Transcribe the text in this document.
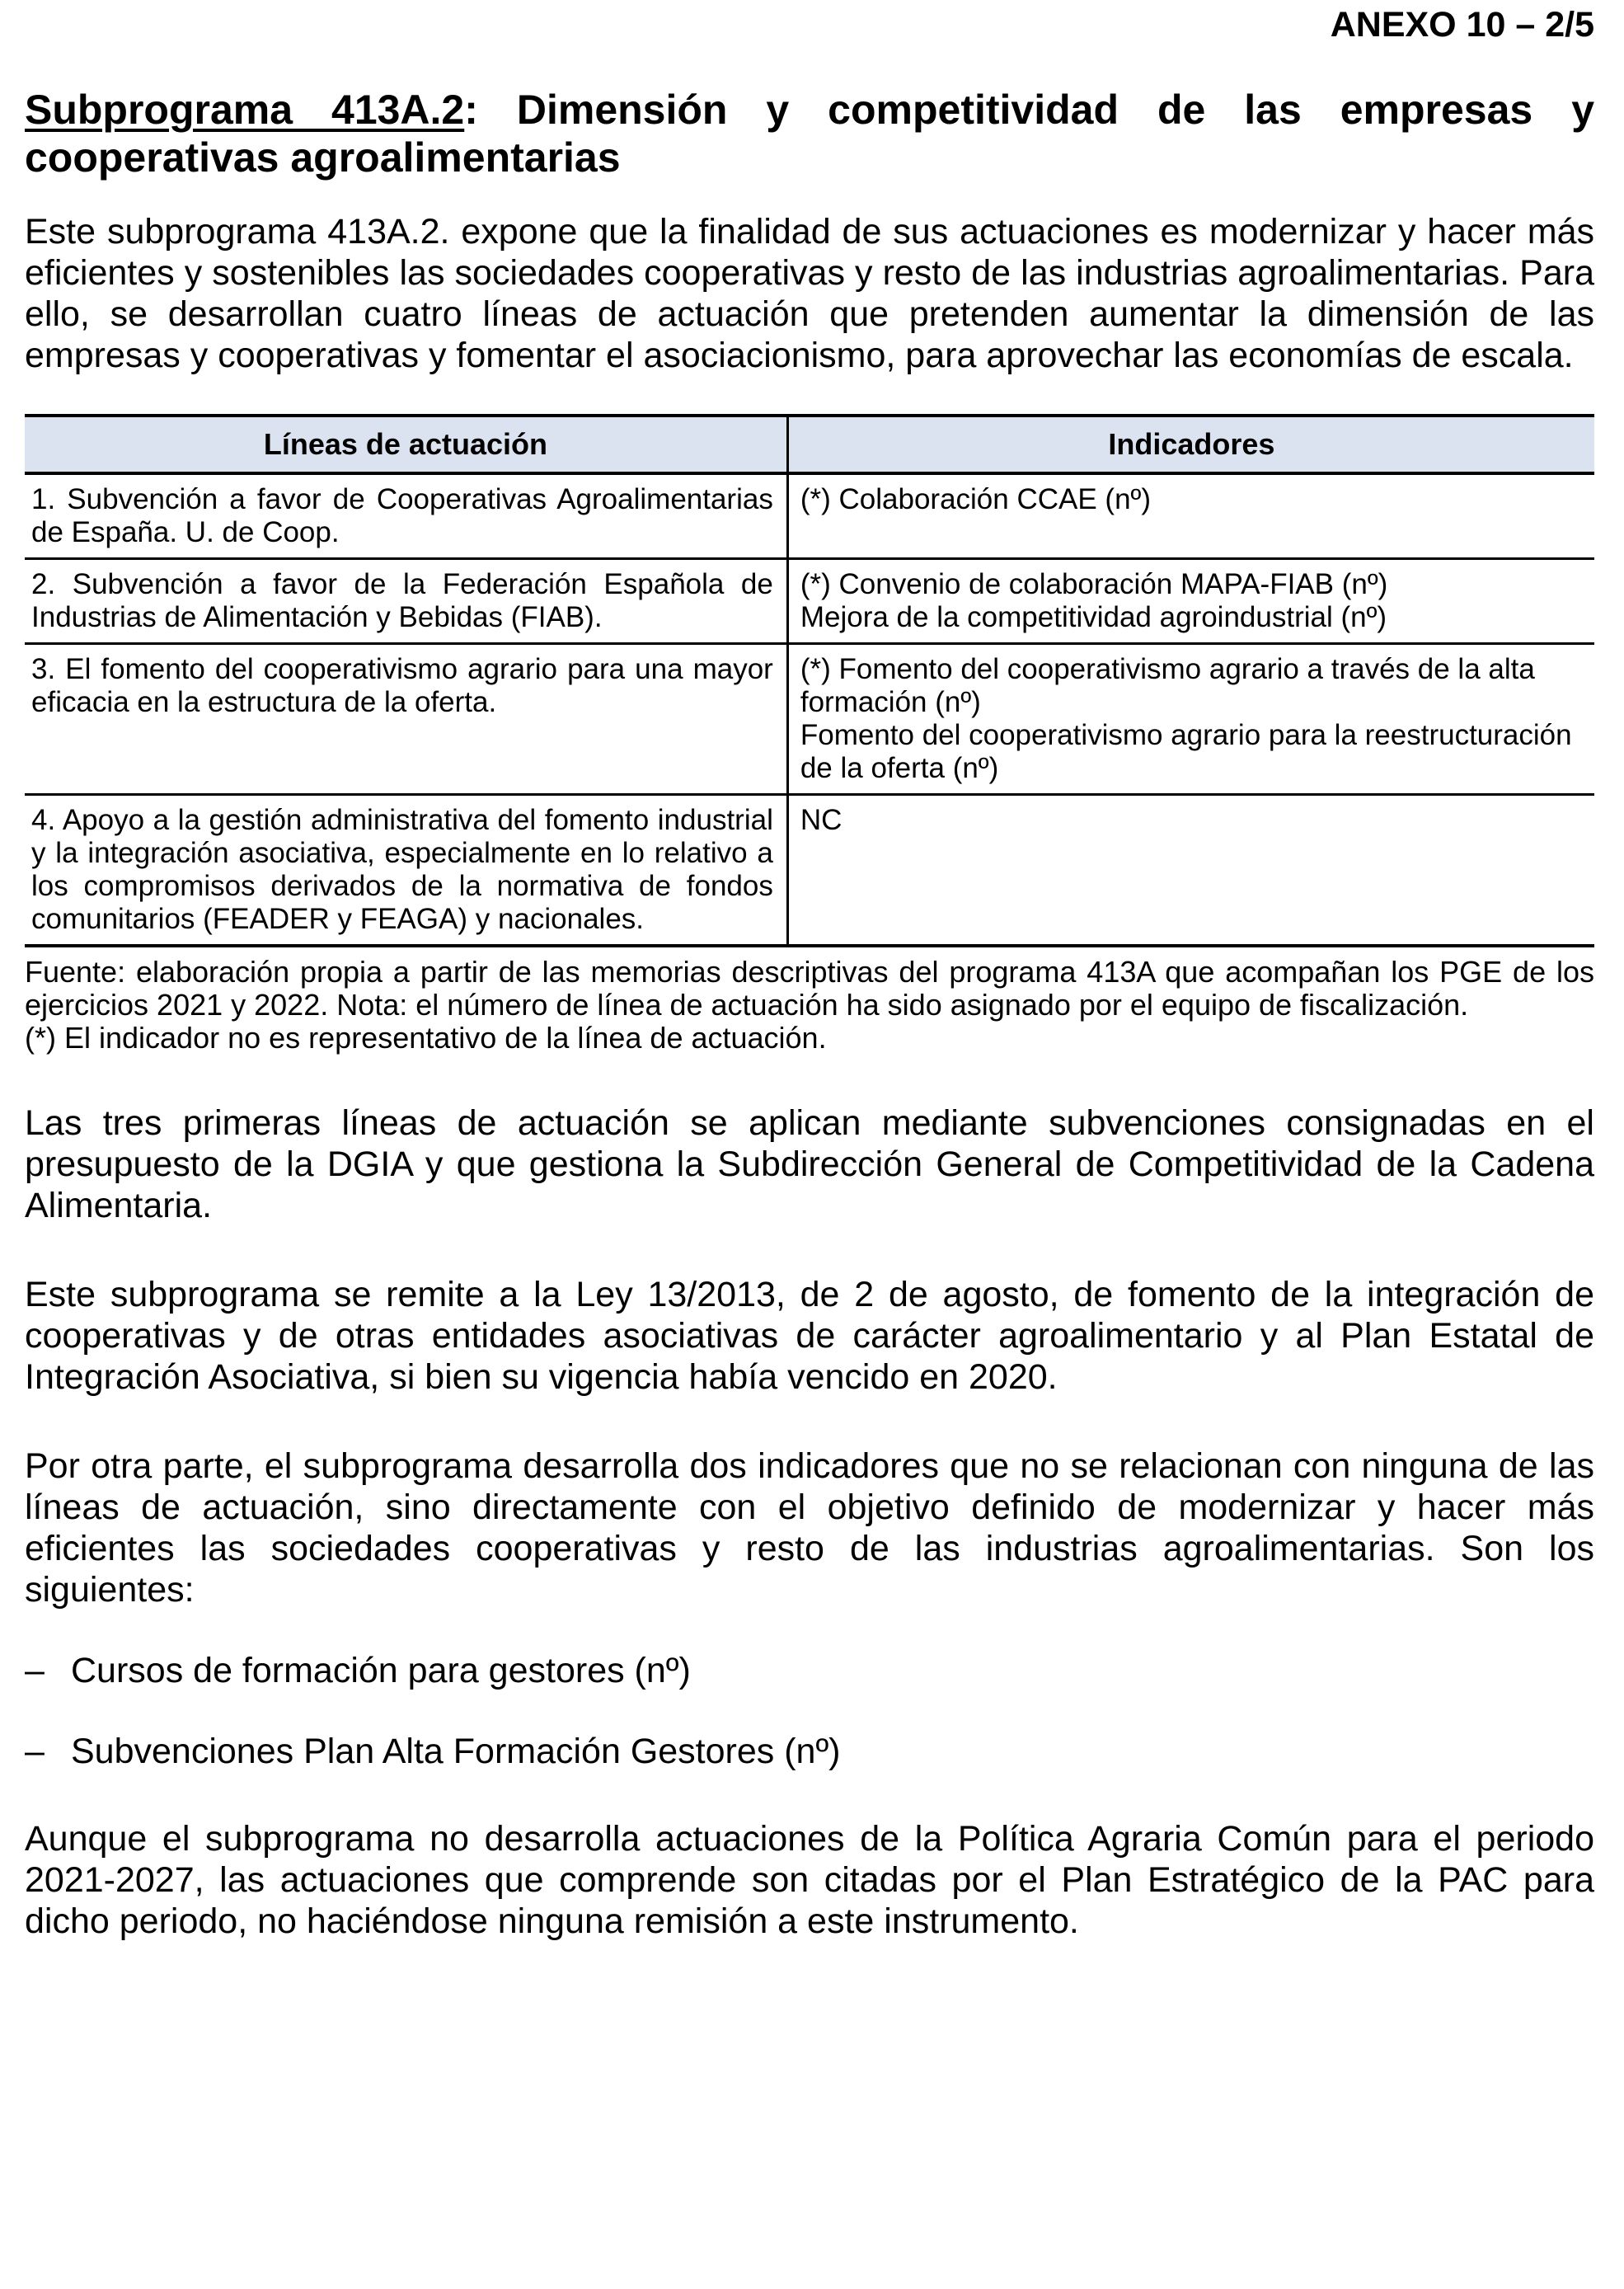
ANEXO 10 – 2/5
Subprograma 413A.2: Dimensión y competitividad de las empresas y cooperativas agroalimentarias

Este subprograma 413A.2. expone que la finalidad de sus actuaciones es modernizar y hacer más eficientes y sostenibles las sociedades cooperativas y resto de las industrias agroalimentarias. Para ello, se desarrollan cuatro líneas de actuación que pretenden aumentar la dimensión de las empresas y cooperativas y fomentar el asociacionismo, para aprovechar las economías de escala.

Líneas de actuación	Indicadores
1. Subvención a favor de Cooperativas Agroalimentarias de España. U. de Coop.	(*) Colaboración CCAE (nº)

2. Subvención a favor de la Federación Española de Industrias de Alimentación y Bebidas (FIAB).	(*) Convenio de colaboración MAPA-FIAB (nº)
Mejora de la competitividad agroindustrial (nº)

3. El fomento del cooperativismo agrario para una mayor eficacia en la estructura de la oferta.	(*) Fomento del cooperativismo agrario a través de la alta formación (nº)
Fomento del cooperativismo agrario para la reestructuración de la oferta (nº)

4. Apoyo a la gestión administrativa del fomento industrial y la integración asociativa, especialmente en lo relativo a los compromisos derivados de la normativa de fondos comunitarios (FEADER y FEAGA) y nacionales.	NC

Fuente: elaboración propia a partir de las memorias descriptivas del programa 413A que acompañan los PGE de los ejercicios 2021 y 2022. Nota: el número de línea de actuación ha sido asignado por el equipo de fiscalización.

(*) El indicador no es representativo de la línea de actuación.

Las tres primeras líneas de actuación se aplican mediante subvenciones consignadas en el presupuesto de la DGIA y que gestiona la Subdirección General de Competitividad de la Cadena Alimentaria.

Este subprograma se remite a la Ley 13/2013, de 2 de agosto, de fomento de la integración de cooperativas y de otras entidades asociativas de carácter agroalimentario y al Plan Estatal de Integración Asociativa, si bien su vigencia había vencido en 2020.

Por otra parte, el subprograma desarrolla dos indicadores que no se relacionan con ninguna de las líneas de actuación, sino directamente con el objetivo definido de modernizar y hacer más eficientes las sociedades cooperativas y resto de las industrias agroalimentarias. Son los siguientes:

– Cursos de formación para gestores (nº)
– Subvenciones Plan Alta Formación Gestores (nº)

Aunque el subprograma no desarrolla actuaciones de la Política Agraria Común para el periodo 2021-2027, las actuaciones que comprende son citadas por el Plan Estratégico de la PAC para dicho periodo, no haciéndose ninguna remisión a este instrumento.
